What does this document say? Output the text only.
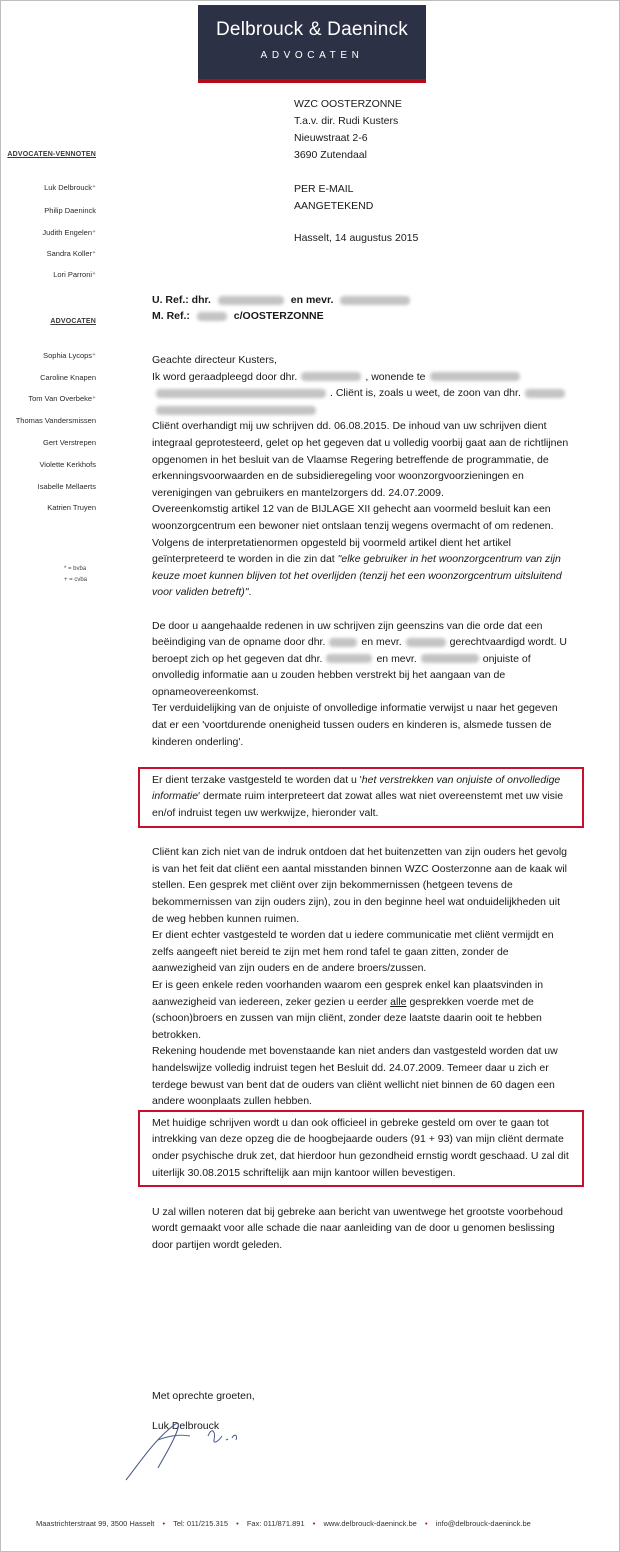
Delbrouck & Daeninck
ADVOCATEN
ADVOCATEN-VENNOTEN
Luk Delbrouck⁺
Philip Daeninck
Judith Engelen⁺
Sandra Koller⁺
Lori Parroni⁺
ADVOCATEN
Sophia Lycops⁺
Caroline Knapen
Tom Van Overbeke⁺
Thomas Vandersmissen
Gert Verstrepen
Violette Kerkhofs
Isabelle Mellaerts
Katrien Truyen
* = bvba
+ = cvba
WZC OOSTERZONNE
T.a.v. dir. Rudi Kusters
Nieuwstraat 2-6
3690 Zutendaal
PER E-MAIL
AANGETEKEND
Hasselt, 14 augustus 2015
U. Ref.: dhr.	en mevr.
M. Ref.:	c/OOSTERZONNE

Geachte directeur Kusters,

Ik word geraadpleegd door dhr.	, wonende te. Cliënt is, zoals u weet, de zoon van dhr.

Cliënt overhandigt mij uw schrijven dd. 06.08.2015. De inhoud van uw schrijven dient integraal geprotesteerd, gelet op het gegeven dat u volledig voorbij gaat aan de richtlijnen opgenomen in het besluit van de Vlaamse Regering betreffende de programmatie, de erkenningsvoorwaarden en de subsidieregeling voor woonzorgvoorzieningen en verenigingen van gebruikers en mantelzorgers dd. 24.07.2009.

Overeenkomstig artikel 12 van de BIJLAGE XII gehecht aan voormeld besluit kan een woonzorgcentrum een bewoner niet ontslaan tenzij wegens overmacht of om redenen.

Volgens de interpretatienormen opgesteld bij voormeld artikel dient het artikel geïnterpreteerd te worden in die zin dat "elke gebruiker in het woonzorgcentrum van zijn keuze moet kunnen blijven tot het overlijden (tenzij het een woonzorgcentrum uitsluitend voor validen betreft)".

De door u aangehaalde redenen in uw schrijven zijn geenszins van die orde dat een beëindiging van de opname door dhr.	en mevr.	gerechtvaardigd wordt. U beroept zich op het gegeven dat dhr.	en mevr.	onjuiste of onvolledig informatie aan u zouden hebben verstrekt bij het aangaan van de opnameovereenkomst.

Ter verduidelijking van de onjuiste of onvolledige informatie verwijst u naar het gegeven dat er een 'voortdurende onenigheid tussen ouders en kinderen is, alsmede tussen de kinderen onderling'.

Er dient terzake vastgesteld te worden dat u 'het verstrekken van onjuiste of onvolledige informatie' dermate ruim interpreteert dat zowat alles wat niet overeenstemt met uw visie en/of indruist tegen uw werkwijze, hieronder valt.

Cliënt kan zich niet van de indruk ontdoen dat het buitenzetten van zijn ouders het gevolg is van het feit dat cliënt een aantal misstanden binnen WZC Oosterzonne aan de kaak wil stellen. Een gesprek met cliënt over zijn bekommernissen (hetgeen tevens de bekommernissen van zijn ouders zijn), zou in den beginne heel wat onduidelijkheden uit de weg hebben kunnen ruimen.

Er dient echter vastgesteld te worden dat u iedere communicatie met cliënt vermijdt en zelfs aangeeft niet bereid te zijn met hem rond tafel te gaan zitten, zonder de aanwezigheid van zijn ouders en de andere broers/zussen.

Er is geen enkele reden voorhanden waarom een gesprek enkel kan plaatsvinden in aanwezigheid van iedereen, zeker gezien u eerder alle gesprekken voerde met de (schoon)broers en zussen van mijn cliënt, zonder deze laatste daarin ooit te hebben betrokken.

Rekening houdende met bovenstaande kan niet anders dan vastgesteld worden dat uw handelswijze volledig indruist tegen het Besluit dd. 24.07.2009. Temeer daar u zich er terdege bewust van bent dat de ouders van cliënt wellicht niet binnen de 60 dagen een andere woonplaats zullen hebben.

Met huidige schrijven wordt u dan ook officieel in gebreke gesteld om over te gaan tot intrekking van deze opzeg die de hoogbejaarde ouders (91 + 93) van mijn cliënt dermate onder psychische druk zet, dat hierdoor hun gezondheid ernstig wordt geschaad. U zal dit uiterlijk 30.08.2015 schriftelijk aan mijn kantoor willen bevestigen.

U zal willen noteren dat bij gebreke aan bericht van uwentwege het grootste voorbehoud wordt gemaakt voor alle schade die naar aanleiding van de door u genomen beslissing door partijen wordt geleden.

Met oprechte groeten,
Luk Delbrouck
Maastrichterstraat 99, 3500 Hasselt • Tel: 011/215.315 • Fax: 011/871.891 • www.delbrouck-daeninck.be • info@delbrouck-daeninck.be
